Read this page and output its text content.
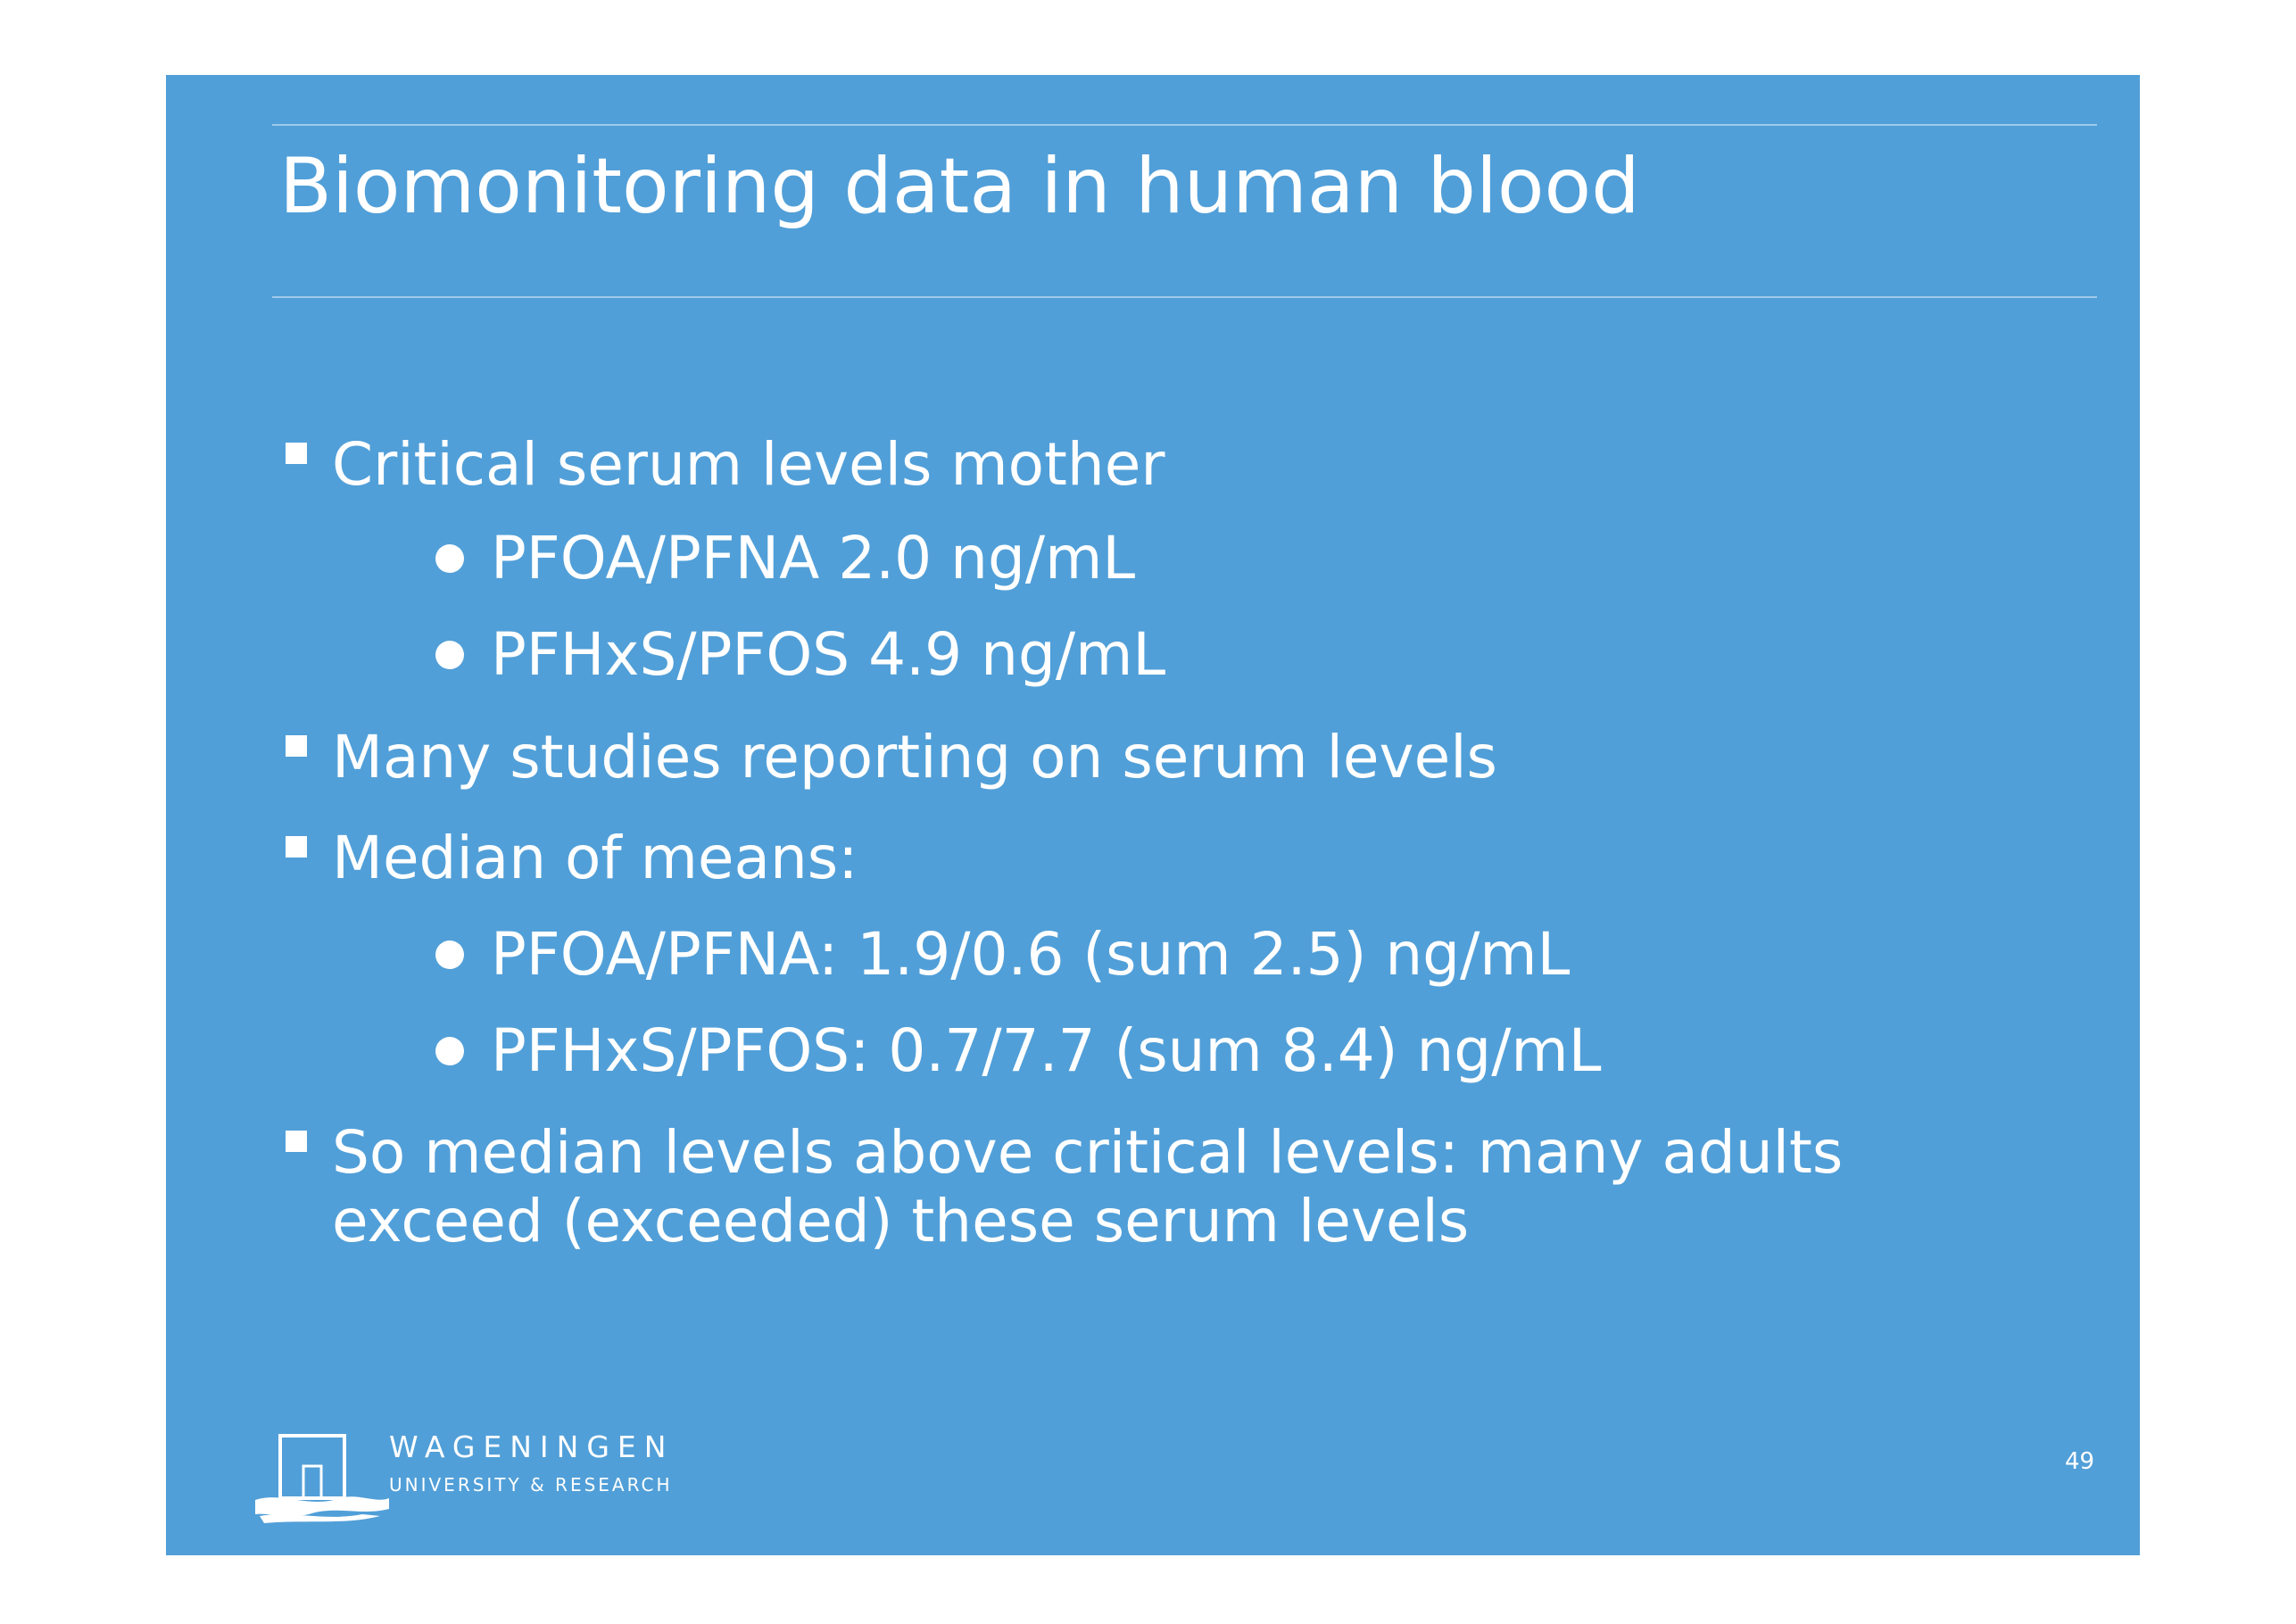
Biomonitoring data in human blood
Critical serum levels mother
PFOA/PFNA 2.0 ng/mL
PFHxS/PFOS 4.9 ng/mL
Many studies reporting on serum levels
Median of means:
PFOA/PFNA: 1.9/0.6 (sum 2.5) ng/mL
PFHxS/PFOS: 0.7/7.7 (sum 8.4) ng/mL
So median levels above critical levels: many adults
exceed (exceeded) these serum levels
WAGENINGEN
UNIVERSITY & RESEARCH
49
